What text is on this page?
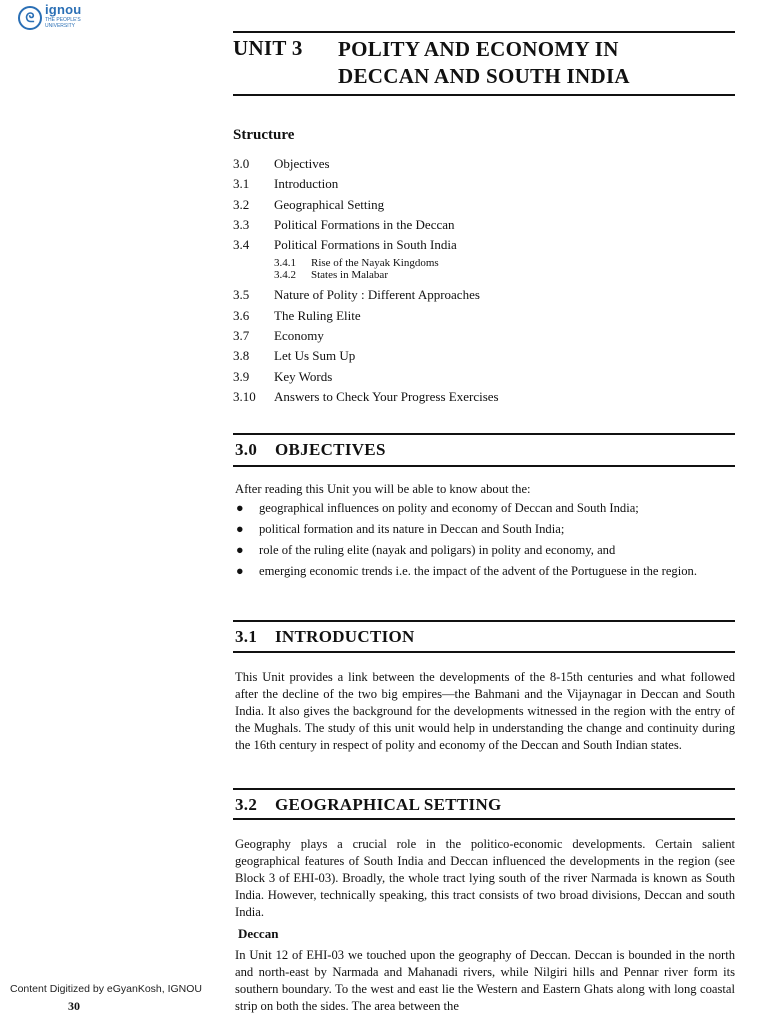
ᘓ
ignou
THE PEOPLE'S
UNIVERSITY
UNIT 3 POLITY AND ECONOMY IN
DECCAN AND SOUTH INDIA
Structure
3.0 Objectives
3.1 Introduction
3.2 Geographical Setting
3.3 Political Formations in the Deccan
3.4 Political Formations in South India
3.4.1 Rise of the Nayak Kingdoms
3.4.2 States in Malabar
3.5 Nature of Polity : Different Approaches
3.6 The Ruling Elite
3.7 Economy
3.8 Let Us Sum Up
3.9 Key Words
3.10 Answers to Check Your Progress Exercises
3.0 OBJECTIVES
After reading this Unit you will be able to know about the:
● geographical influences on polity and economy of Deccan and South India;
● political formation and its nature in Deccan and South India;
● role of the ruling elite (nayak and poligars) in polity and economy, and
● emerging economic trends i.e. the impact of the advent of the Portuguese in the region.
3.1 INTRODUCTION
This Unit provides a link between the developments of the 8-15th centuries and what followed after the decline of the two big empires—the Bahmani and the Vijaynagar in Deccan and South India. It also gives the background for the developments witnessed in the region with the entry of the Mughals. The study of this unit would help in understanding the change and continuity during the 16th century in respect of polity and economy of the Deccan and South Indian states.
3.2 GEOGRAPHICAL SETTING
Geography plays a crucial role in the politico-economic developments. Certain salient geographical features of South India and Deccan influenced the developments in the region (see Block 3 of EHI-03). Broadly, the whole tract lying south of the river Narmada is known as South India. However, technically speaking, this tract consists of two broad divisions, Deccan and south India.
Deccan
In Unit 12 of EHI-03 we touched upon the geography of Deccan. Deccan is bounded in the north and north-east by Narmada and Mahanadi rivers, while Nilgiri hills and Pennar river form its southern boundary. To the west and east lie the Western and Eastern Ghats along with long coastal strip on both the sides. The area between the
Content Digitized by eGyanKosh, IGNOU
30
